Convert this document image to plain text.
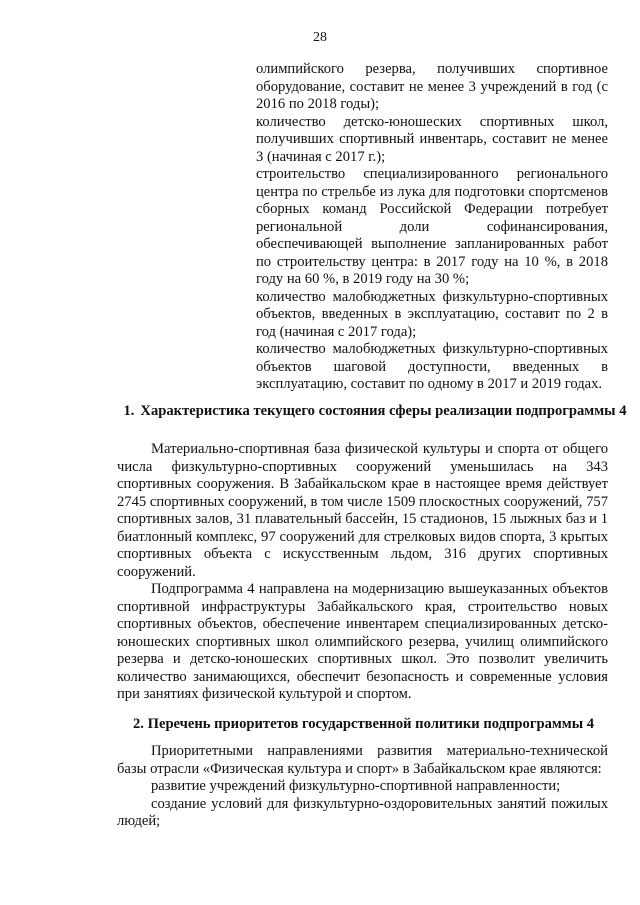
28

олимпийского резерва, получивших спортивное оборудование, составит не менее 3 учреждений в год (с 2016 по 2018 годы);

количество детско-юношеских спортивных школ, получивших спортивный инвентарь, составит не менее 3 (начиная с 2017 г.);

строительство специализированного регионального центра по стрельбе из лука для подготовки спортсменов сборных команд Российской Федерации потребует региональной доли софинансирования, обеспечивающей выполнение запланированных работ по строительству центра: в 2017 году на 10 %, в 2018 году на 60 %, в 2019 году на 30 %;

количество малобюджетных физкультурно-спортивных объектов, введенных в эксплуатацию, составит по 2 в год (начиная с 2017 года);

количество малобюджетных физкультурно-спортивных объектов шаговой доступности, введенных в эксплуатацию, составит по одному в 2017 и 2019 годах.

1. Характеристика текущего состояния сферы реализации подпрограммы 4

Материально-спортивная база физической культуры и спорта от общего числа физкультурно-спортивных сооружений уменьшилась на 343 спортивных сооружения. В Забайкальском крае в настоящее время действует 2745 спортивных сооружений, в том числе 1509 плоскостных сооружений, 757 спортивных залов, 31 плавательный бассейн, 15 стадионов, 15 лыжных баз и 1 биатлонный комплекс, 97 сооружений для стрелковых видов спорта, 3 крытых спортивных объекта с искусственным льдом, 316 других спортивных сооружений.

Подпрограмма 4 направлена на модернизацию вышеуказанных объектов спортивной инфраструктуры Забайкальского края, строительство новых спортивных объектов, обеспечение инвентарем специализированных детско-юношеских спортивных школ олимпийского резерва, училищ олимпийского резерва и детско-юношеских спортивных школ. Это позволит увеличить количество занимающихся, обеспечит безопасность и современные условия при занятиях физической культурой и спортом.

2. Перечень приоритетов государственной политики подпрограммы 4

Приоритетными направлениями развития материально-технической базы отрасли «Физическая культура и спорт» в Забайкальском крае являются:

развитие учреждений физкультурно-спортивной направленности;

создание условий для физкультурно-оздоровительных занятий пожилых людей;
